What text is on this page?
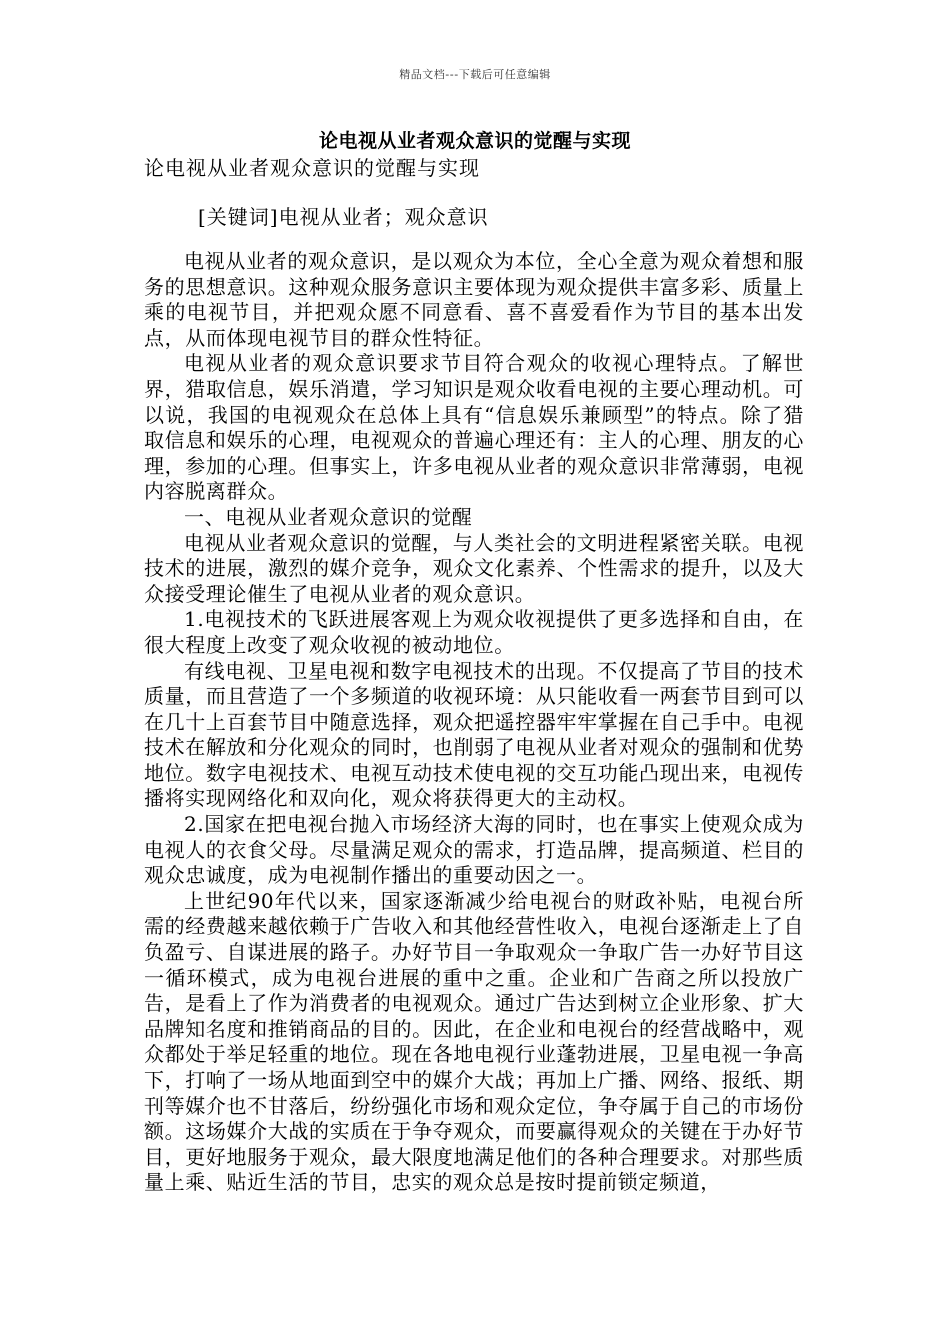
精品文档---下载后可任意编辑
论电视从业者观众意识的觉醒与实现

论电视从业者观众意识的觉醒与实现

[关键词]电视从业者；观众意识

电视从业者的观众意识，是以观众为本位，全心全意为观众着想和服务的思想意识。这种观众服务意识主要体现为观众提供丰富多彩、质量上乘的电视节目，并把观众愿不同意看、喜不喜爱看作为节目的基本出发点，从而体现电视节目的群众性特征。

电视从业者的观众意识要求节目符合观众的收视心理特点。了解世界，猎取信息，娱乐消遣，学习知识是观众收看电视的主要心理动机。可以说，我国的电视观众在总体上具有“信息娱乐兼顾型”的特点。除了猎取信息和娱乐的心理，电视观众的普遍心理还有：主人的心理、朋友的心理，参加的心理。但事实上，许多电视从业者的观众意识非常薄弱，电视内容脱离群众。

一、电视从业者观众意识的觉醒

电视从业者观众意识的觉醒，与人类社会的文明进程紧密关联。电视技术的进展，激烈的媒介竞争，观众文化素养、个性需求的提升，以及大众接受理论催生了电视从业者的观众意识。

1.电视技术的飞跃进展客观上为观众收视提供了更多选择和自由，在很大程度上改变了观众收视的被动地位。

有线电视、卫星电视和数字电视技术的出现。不仅提高了节目的技术质量，而且营造了一个多频道的收视环境：从只能收看一两套节目到可以在几十上百套节目中随意选择，观众把遥控器牢牢掌握在自己手中。电视技术在解放和分化观众的同时，也削弱了电视从业者对观众的强制和优势地位。数字电视技术、电视互动技术使电视的交互功能凸现出来，电视传播将实现网络化和双向化，观众将获得更大的主动权。

2.国家在把电视台抛入市场经济大海的同时，也在事实上使观众成为电视人的衣食父母。尽量满足观众的需求，打造品牌，提高频道、栏目的观众忠诚度，成为电视制作播出的重要动因之一。

上世纪90年代以来，国家逐渐减少给电视台的财政补贴，电视台所需的经费越来越依赖于广告收入和其他经营性收入，电视台逐渐走上了自负盈亏、自谋进展的路子。办好节目一争取观众一争取广告一办好节目这一循环模式，成为电视台进展的重中之重。企业和广告商之所以投放广告，是看上了作为消费者的电视观众。通过广告达到树立企业形象、扩大品牌知名度和推销商品的目的。因此，在企业和电视台的经营战略中，观众都处于举足轻重的地位。现在各地电视行业蓬勃进展，卫星电视一争高下，打响了一场从地面到空中的媒介大战；再加上广播、网络、报纸、期刊等媒介也不甘落后，纷纷强化市场和观众定位，争夺属于自己的市场份额。这场媒介大战的实质在于争夺观众，而要赢得观众的关键在于办好节目，更好地服务于观众，最大限度地满足他们的各种合理要求。对那些质量上乘、贴近生活的节目，忠实的观众总是按时提前锁定频道，
